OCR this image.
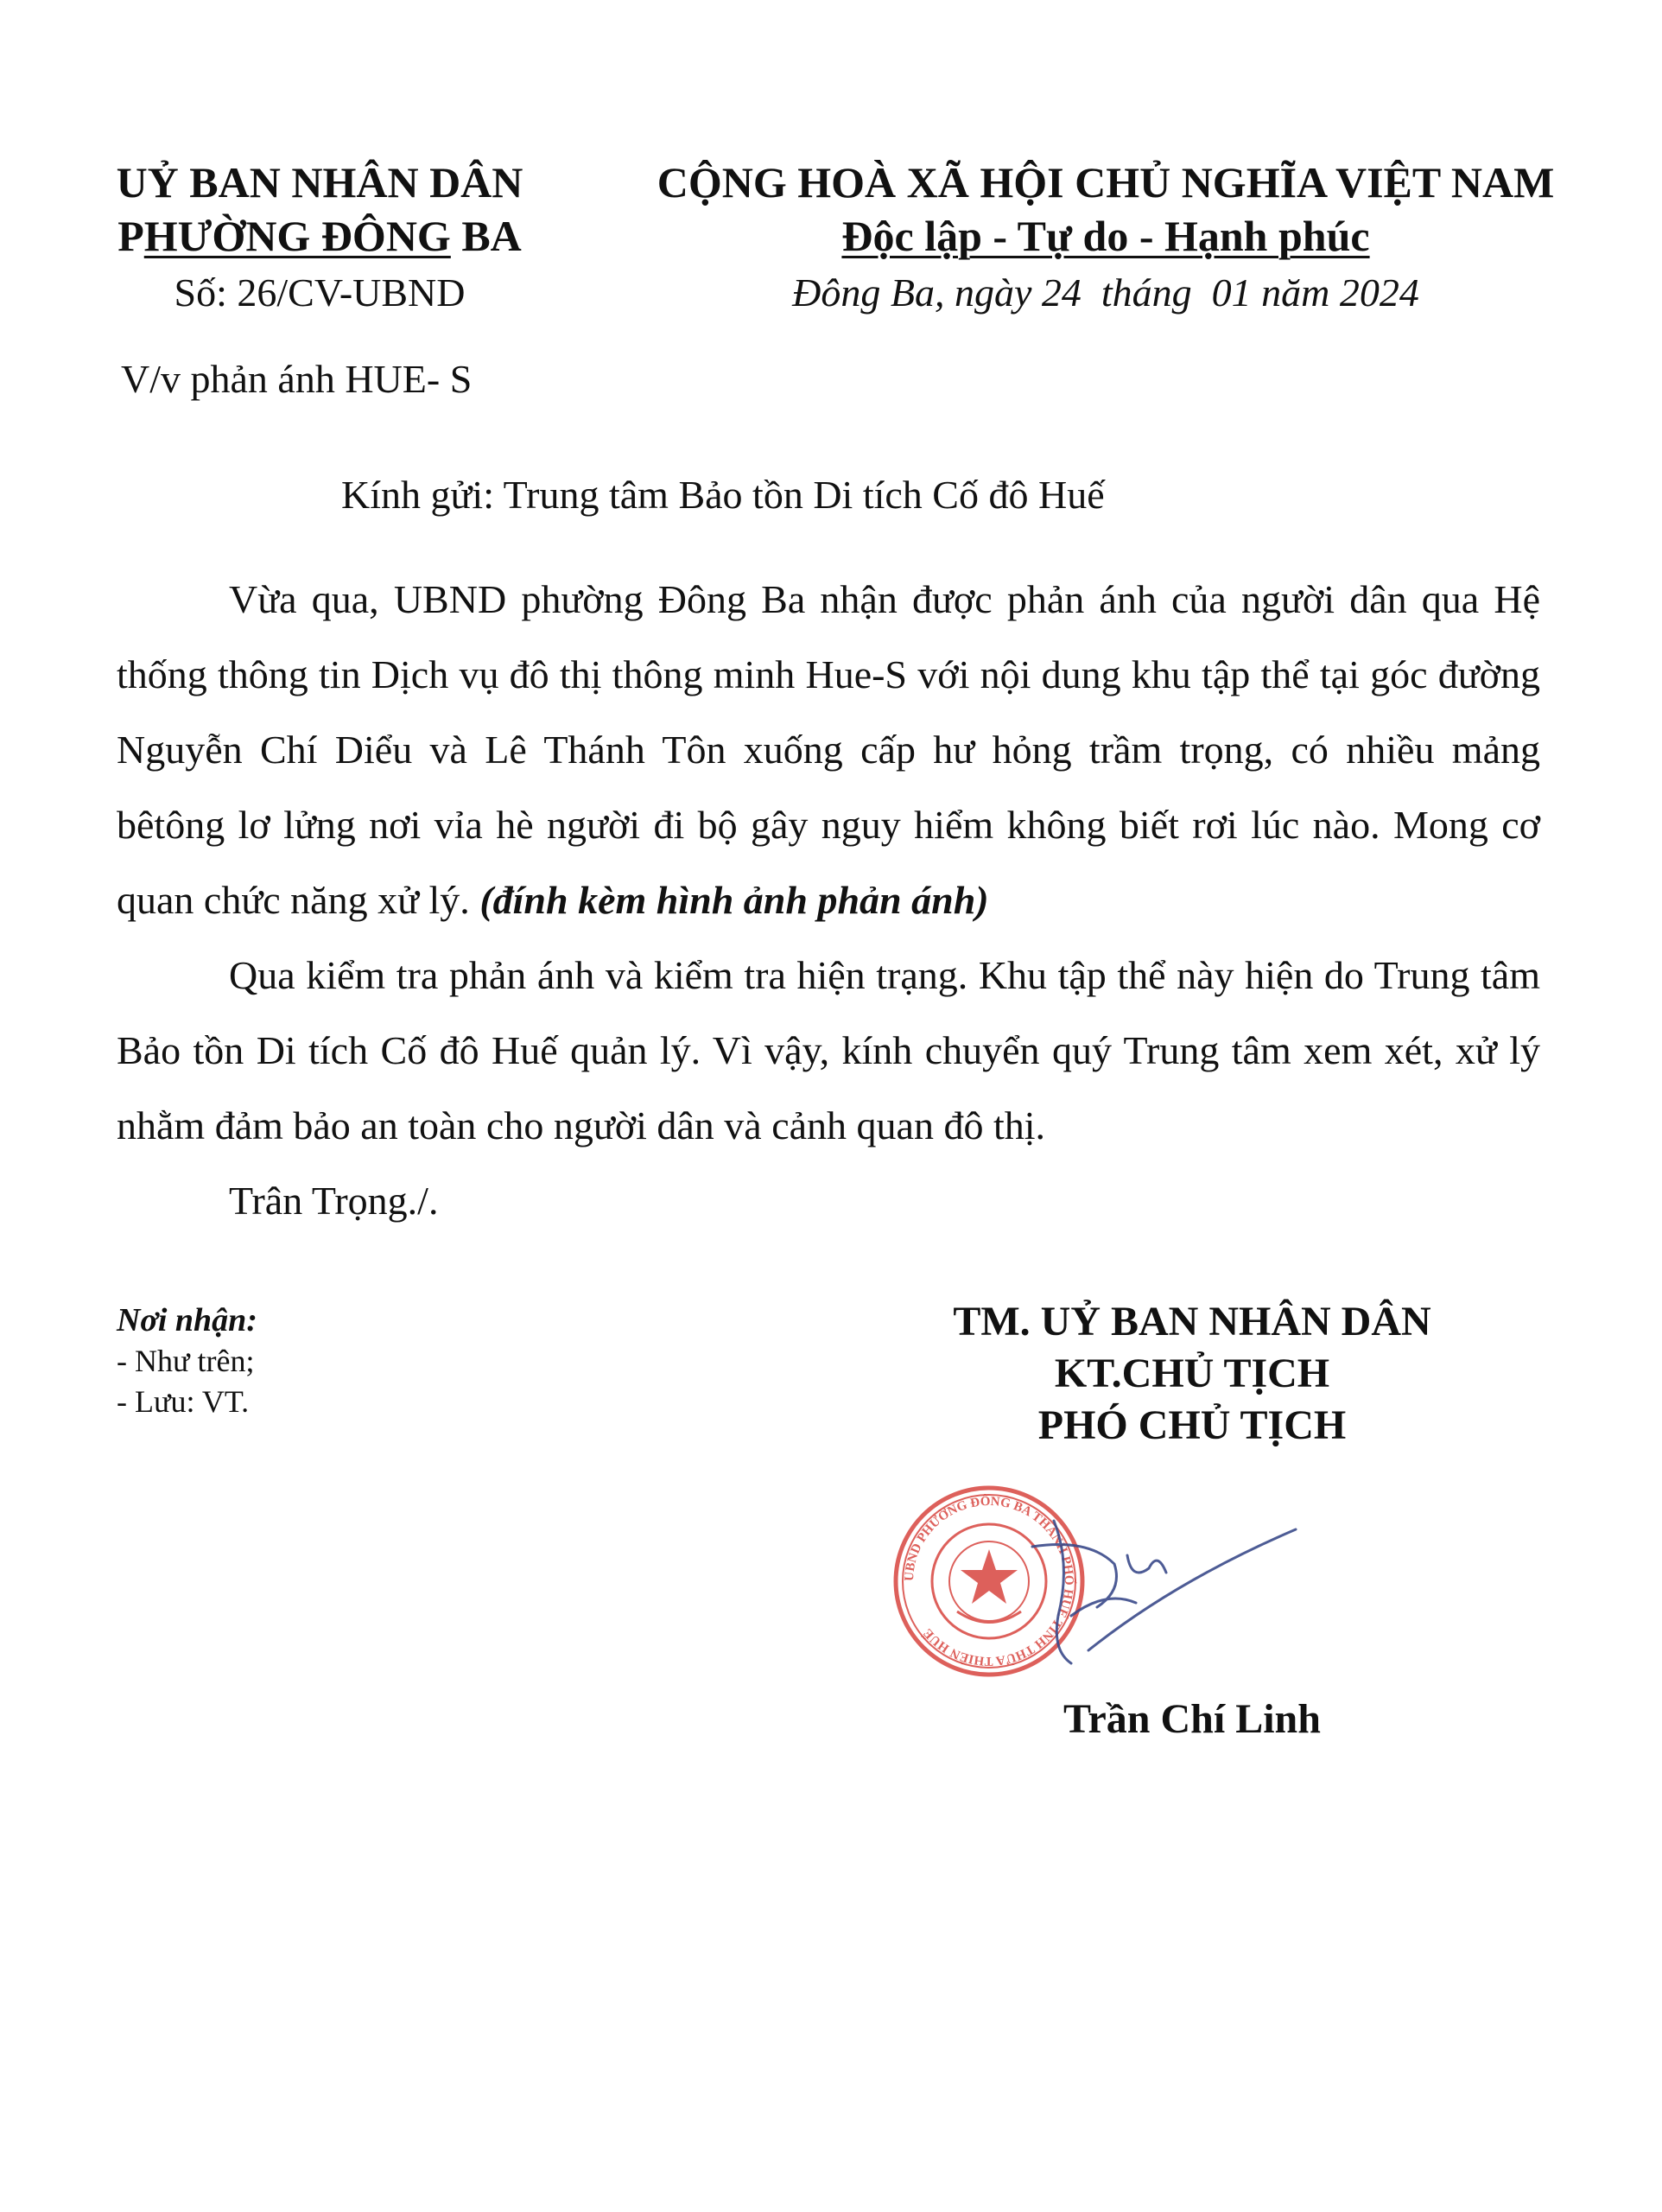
UỶ BAN NHÂN DÂN
PHƯỜNG ĐÔNG BA
Số: 26/CV-UBND
CỘNG HOÀ XÃ HỘI CHỦ NGHĨA VIỆT NAM
Độc lập - Tự do - Hạnh phúc
Đông Ba, ngày 24  tháng  01 năm 2024
V/v phản ánh HUE- S
Kính gửi: Trung tâm Bảo tồn Di tích Cố đô Huế

Vừa qua, UBND phường Đông Ba nhận được phản ánh của người dân qua Hệ thống thông tin Dịch vụ đô thị thông minh Hue-S với nội dung khu tập thể tại góc đường Nguyễn Chí Diểu và Lê Thánh Tôn xuống cấp hư hỏng trầm trọng, có nhiều mảng bêtông lơ lửng nơi vỉa hè người đi bộ gây nguy hiểm không biết rơi lúc nào. Mong cơ quan chức năng xử lý. (đính kèm hình ảnh phản ánh)

Qua kiểm tra phản ánh và kiểm tra hiện trạng. Khu tập thể này hiện do Trung tâm Bảo tồn Di tích Cố đô Huế quản lý. Vì vậy, kính chuyển quý Trung tâm xem xét, xử lý nhằm đảm bảo an toàn cho người dân và cảnh quan đô thị.

Trân Trọng./.

Nơi nhận:
- Như trên;
- Lưu: VT.
TM. UỶ BAN NHÂN DÂN
KT.CHỦ TỊCH
PHÓ CHỦ TỊCH
UBND PHƯỜNG ĐÔNG BA THÀNH PHỐ HUẾ TỈNH THỪA THIÊN HUẾ
Trần Chí Linh
